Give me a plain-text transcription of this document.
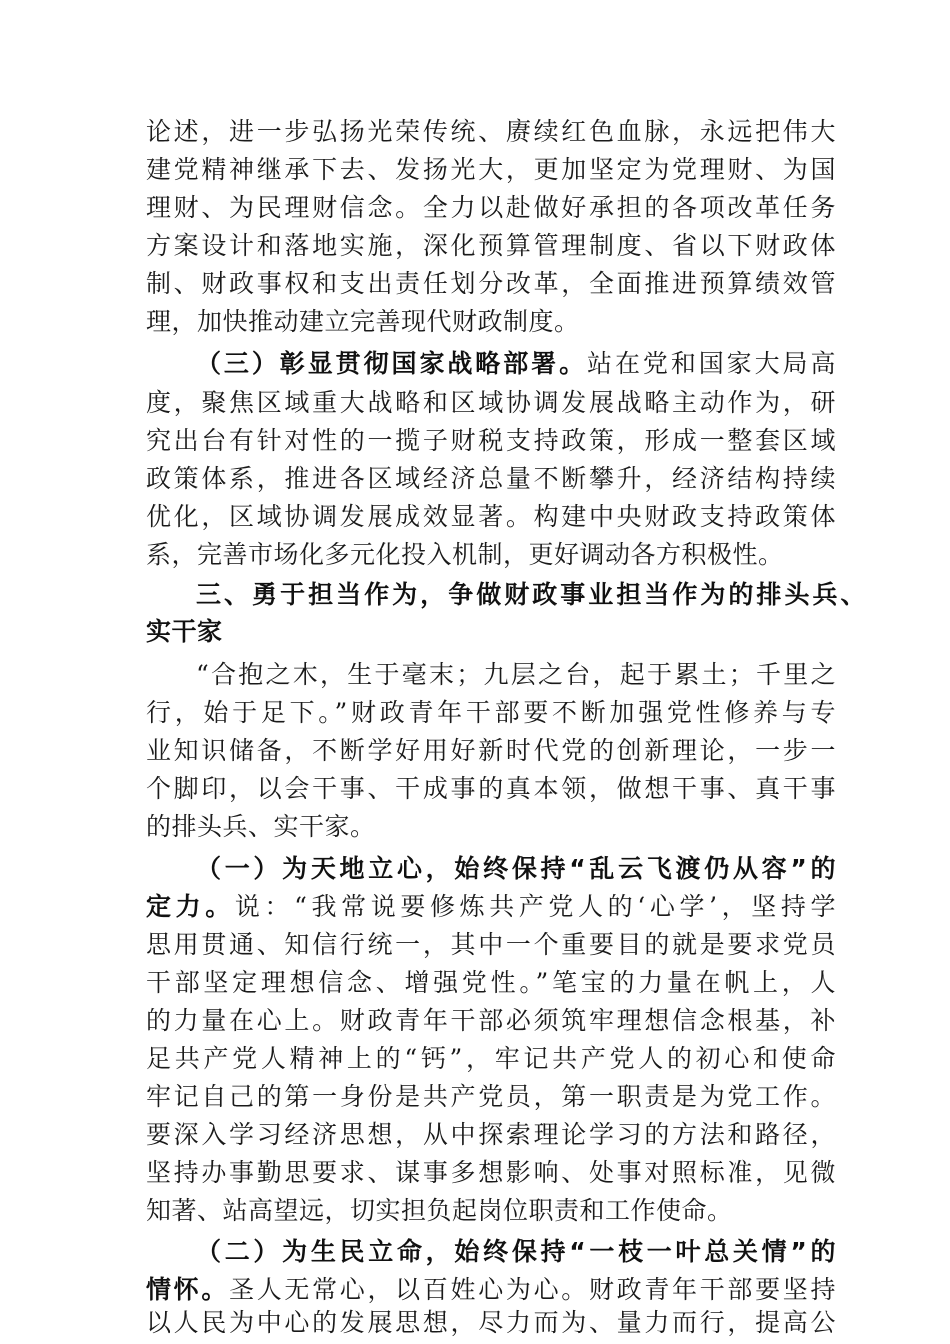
论述，进一步弘扬光荣传统、赓续红色血脉，永远把伟大
建党精神继承下去、发扬光大，更加坚定为党理财、为国
理财、为民理财信念。全力以赴做好承担的各项改革任务
方案设计和落地实施，深化预算管理制度、省以下财政体
制、财政事权和支出责任划分改革，全面推进预算绩效管
理，加快推动建立完善现代财政制度。
（三）彰显贯彻国家战略部署。站在党和国家大局高
度，聚焦区域重大战略和区域协调发展战略主动作为，研
究出台有针对性的一揽子财税支持政策，形成一整套区域
政策体系，推进各区域经济总量不断攀升，经济结构持续
优化，区域协调发展成效显著。构建中央财政支持政策体
系，完善市场化多元化投入机制，更好调动各方积极性。
三、勇于担当作为，争做财政事业担当作为的排头兵、
实干家
“合抱之木，生于毫末；九层之台，起于累土；千里之
行，始于足下。”财政青年干部要不断加强党性修养与专
业知识储备，不断学好用好新时代党的创新理论，一步一
个脚印，以会干事、干成事的真本领，做想干事、真干事
的排头兵、实干家。
（一）为天地立心，始终保持“乱云飞渡仍从容”的
定力。说：“我常说要修炼共产党人的‘心学’，坚持学
思用贯通、知信行统一，其中一个重要目的就是要求党员
干部坚定理想信念、增强党性。”笔宝的力量在帆上，人
的力量在心上。财政青年干部必须筑牢理想信念根基，补
足共产党人精神上的“钙”，牢记共产党人的初心和使命
牢记自己的第一身份是共产党员，第一职责是为党工作。
要深入学习经济思想，从中探索理论学习的方法和路径，
坚持办事勤思要求、谋事多想影响、处事对照标准，见微
知著、站高望远，切实担负起岗位职责和工作使命。
（二）为生民立命，始终保持“一枝一叶总关情”的
情怀。圣人无常心，以百姓心为心。财政青年干部要坚持
以人民为中心的发展思想，尽力而为、量力而行，提高公
